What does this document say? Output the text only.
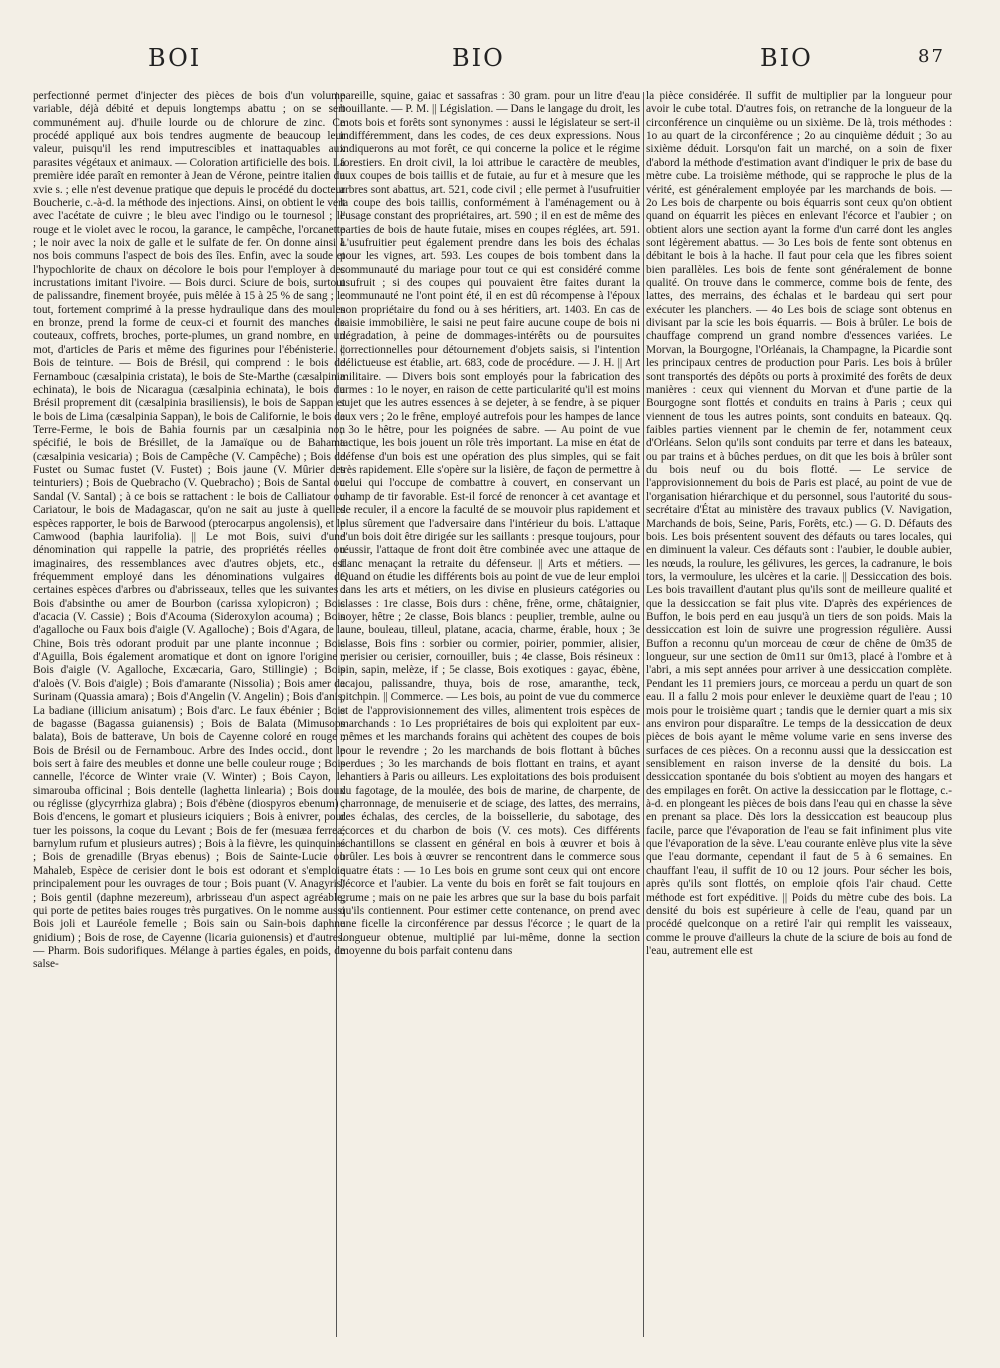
BOI	BIO	BIO	87

perfectionné permet d'injecter des pièces de bois d'un volume variable, déjà débité et depuis longtemps abattu ; on se sert communément auj. d'huile lourde ou de chlorure de zinc. Ce procédé appliqué aux bois tendres augmente de beaucoup leur valeur, puisqu'il les rend imputrescibles et inattaquables aux parasites végétaux et animaux. — Coloration artificielle des bois. La première idée paraît en remonter à Jean de Vérone, peintre italien du xvie s. ; elle n'est devenue pratique que depuis le procédé du docteur Boucherie, c.-à-d. la méthode des injections. Ainsi, on obtient le vert avec l'acétate de cuivre ; le bleu avec l'indigo ou le tournesol ; le rouge et le violet avec le rocou, la garance, le campêche, l'orcanette ; le noir avec la noix de galle et le sulfate de fer. On donne ainsi à nos bois communs l'aspect de bois des îles. Enfin, avec la soude et l'hypochlorite de chaux on décolore le bois pour l'employer à des incrustations imitant l'ivoire. — Bois durci. Sciure de bois, surtout de palissandre, finement broyée, puis mêlée à 15 à 25 % de sang ; le tout, fortement comprimé à la presse hydraulique dans des moules en bronze, prend la forme de ceux-ci et fournit des manches de couteaux, coffrets, broches, porte-plumes, un grand nombre, en un mot, d'articles de Paris et même des figurines pour l'ébénisterie. || Bois de teinture. — Bois de Brésil, qui comprend : le bois de Fernambouc (cæsalpinia cristata), le bois de Ste-Marthe (cæsalpinia echinata), le bois de Nicaragua (cæsalpinia echinata), le bois du Brésil proprement dit (cæsalpinia brasiliensis), le bois de Sappan et le bois de Lima (cæsalpinia Sappan), le bois de Californie, le bois de Terre-Ferme, le bois de Bahia fournis par un cæsalpinia non spécifié, le bois de Brésillet, de la Jamaïque ou de Bahama (cæsalpinia vesicaria) ; Bois de Campêche (V. Campêche) ; Bois de Fustet ou Sumac fustet (V. Fustet) ; Bois jaune (V. Mûrier des teinturiers) ; Bois de Quebracho (V. Quebracho) ; Bois de Santal ou Sandal (V. Santal) ; à ce bois se rattachent : le bois de Calliatour ou Cariatour, le bois de Madagascar, qu'on ne sait au juste à quelles espèces rapporter, le bois de Barwood (pterocarpus angolensis), et le Camwood (baphia laurifolia). || Le mot Bois, suivi d'une dénomination qui rappelle la patrie, des propriétés réelles ou imaginaires, des ressemblances avec d'autres objets, etc., est fréquemment employé dans les dénominations vulgaires de certaines espèces d'arbres ou d'abrisseaux, telles que les suivantes : Bois d'absinthe ou amer de Bourbon (carissa xylopicron) ; Bois d'acacia (V. Cassie) ; Bois d'Acouma (Sideroxylon acouma) ; Bois d'agalloche ou Faux bois d'aigle (V. Agalloche) ; Bois d'Agara, de la Chine, Bois très odorant produit par une plante inconnue ; Bois d'Aguilla, Bois également aromatique et dont on ignore l'origine ; Bois d'aigle (V. Agalloche, Excæcaria, Garo, Stillingie) ; Bois d'aloès (V. Bois d'aigle) ; Bois d'amarante (Nissolia) ; Bois amer de Surinam (Quassia amara) ; Bois d'Angelin (V. Angelin) ; Bois d'anis, La badiane (illicium anisatum) ; Bois d'arc. Le faux ébénier ; Bois de bagasse (Bagassa guianensis) ; Bois de Balata (Mimusops balata), Bois de batterave, Un bois de Cayenne coloré en rouge ; Bois de Brésil ou de Fernambouc. Arbre des Indes occid., dont le bois sert à faire des meubles et donne une belle couleur rouge ; Bois cannelle, l'écorce de Winter vraie (V. Winter) ; Bois Cayon, le simarouba officinal ; Bois dentelle (laghetta linlearia) ; Bois doux ou réglisse (glycyrrhiza glabra) ; Bois d'ébène (diospyros ebenum) ; Bois d'encens, le gomart et plusieurs iciquiers ; Bois à enivrer, pour tuer les poissons, la coque du Levant ; Bois de fer (mesuæa ferrea, barnylum rufum et plusieurs autres) ; Bois à la fièvre, les quinquinas ; Bois de grenadille (Bryas ebenus) ; Bois de Sainte-Lucie ou Mahaleb, Espèce de cerisier dont le bois est odorant et s'emploie principalement pour les ouvrages de tour ; Bois puant (V. Anagyris) ; Bois gentil (daphne mezereum), arbrisseau d'un aspect agréable, qui porte de petites baies rouges très purgatives. On le nomme aussi Bois joli et Lauréole femelle ; Bois sain ou Sain-bois daphne gnidium) ; Bois de rose, de Cayenne (licaria guionensis) et d'autres. — Pharm. Bois sudorifiques. Mélange à parties égales, en poids, de salse-

pareille, squine, gaiac et sassafras : 30 gram. pour un litre d'eau bouillante. — P. M. || Législation. — Dans le langage du droit, les mots bois et forêts sont synonymes : aussi le législateur se sert-il indifféremment, dans les codes, de ces deux expressions. Nous indiquerons au mot forêt, ce qui concerne la police et le régime forestiers. En droit civil, la loi attribue le caractère de meubles, aux coupes de bois taillis et de futaie, au fur et à mesure que les arbres sont abattus, art. 521, code civil ; elle permet à l'usufruitier la coupe des bois taillis, conformément à l'aménagement ou à l'usage constant des propriétaires, art. 590 ; il en est de même des parties de bois de haute futaie, mises en coupes réglées, art. 591. L'usufruitier peut également prendre dans les bois des échalas pour les vignes, art. 593. Les coupes de bois tombent dans la communauté du mariage pour tout ce qui est considéré comme usufruit ; si des coupes qui pouvaient être faites durant la communauté ne l'ont point été, il en est dû récompense à l'époux non propriétaire du fond ou à ses héritiers, art. 1403. En cas de saisie immobilière, le saisi ne peut faire aucune coupe de bois ni dégradation, à peine de dommages-intérêts ou de poursuites correctionnelles pour détournement d'objets saisis, si l'intention délictueuse est établie, art. 683, code de procédure. — J. H. || Art militaire. — Divers bois sont employés pour la fabrication des armes : 1o le noyer, en raison de cette particularité qu'il est moins sujet que les autres essences à se dejeter, à se fendre, à se piquer aux vers ; 2o le frêne, employé autrefois pour les hampes de lance ; 3o le hêtre, pour les poignées de sabre. — Au point de vue tactique, les bois jouent un rôle très important. La mise en état de défense d'un bois est une opération des plus simples, qui se fait très rapidement. Elle s'opère sur la lisière, de façon de permettre à celui qui l'occupe de combattre à couvert, en conservant un champ de tir favorable. Est-il forcé de renoncer à cet avantage et de reculer, il a encore la faculté de se mouvoir plus rapidement et plus sûrement que l'adversaire dans l'intérieur du bois. L'attaque d'un bois doit être dirigée sur les saillants : presque toujours, pour réussir, l'attaque de front doit être combinée avec une attaque de flanc menaçant la retraite du défenseur. || Arts et métiers. — Quand on étudie les différents bois au point de vue de leur emploi dans les arts et métiers, on les divise en plusieurs catégories ou classes : 1re classe, Bois durs : chêne, frêne, orme, châtaignier, noyer, hêtre ; 2e classe, Bois blancs : peuplier, tremble, aulne ou aune, bouleau, tilleul, platane, acacia, charme, érable, houx ; 3e classe, Bois fins : sorbier ou cormier, poirier, pommier, alisier, merisier ou cerisier, cornouiller, buis ; 4e classe, Bois résineux : pin, sapin, melèze, if ; 5e classe, Bois exotiques : gayac, ébène, acajou, palissandre, thuya, bois de rose, amaranthe, teck, pitchpin. || Commerce. — Les bois, au point de vue du commerce et de l'approvisionnement des villes, alimentent trois espèces de marchands : 1o Les propriétaires de bois qui exploitent par eux-mêmes et les marchands forains qui achètent des coupes de bois pour le revendre ; 2o les marchands de bois flottant à bûches perdues ; 3o les marchands de bois flottant en trains, et ayant chantiers à Paris ou ailleurs. Les exploitations des bois produisent du fagotage, de la moulée, des bois de marine, de charpente, de charronnage, de menuiserie et de sciage, des lattes, des merrains, des échalas, des cercles, de la boissellerie, du sabotage, des écorces et du charbon de bois (V. ces mots). Ces différents échantillons se classent en général en bois à œuvrer et bois à brûler. Les bois à œuvrer se rencontrent dans le commerce sous quatre états : — 1o Les bois en grume sont ceux qui ont encore l'écorce et l'aubier. La vente du bois en forêt se fait toujours en grume ; mais on ne paie les arbres que sur la base du bois parfait qu'ils contiennent. Pour estimer cette contenance, on prend avec une ficelle la circonférence par dessus l'écorce ; le quart de la longueur obtenue, multiplié par lui-même, donne la section moyenne du bois parfait contenu dans

la pièce considérée. Il suffit de multiplier par la longueur pour avoir le cube total. D'autres fois, on retranche de la longueur de la circonférence un cinquième ou un sixième. De là, trois méthodes : 1o au quart de la circonférence ; 2o au cinquième déduit ; 3o au sixième déduit. Lorsqu'on fait un marché, on a soin de fixer d'abord la méthode d'estimation avant d'indiquer le prix de base du mètre cube. La troisième méthode, qui se rapproche le plus de la vérité, est généralement employée par les marchands de bois. — 2o Les bois de charpente ou bois équarris sont ceux qu'on obtient quand on équarrit les pièces en enlevant l'écorce et l'aubier ; on obtient alors une section ayant la forme d'un carré dont les angles sont légèrement abattus. — 3o Les bois de fente sont obtenus en débitant le bois à la hache. Il faut pour cela que les fibres soient bien parallèles. Les bois de fente sont généralement de bonne qualité. On trouve dans le commerce, comme bois de fente, des lattes, des merrains, des échalas et le bardeau qui sert pour exécuter les planchers. — 4o Les bois de sciage sont obtenus en divisant par la scie les bois équarris. — Bois à brûler. Le bois de chauffage comprend un grand nombre d'essences variées. Le Morvan, la Bourgogne, l'Orléanais, la Champagne, la Picardie sont les principaux centres de production pour Paris. Les bois à brûler sont transportés des dépôts ou ports à proximité des forêts de deux manières : ceux qui viennent du Morvan et d'une partie de la Bourgogne sont flottés et conduits en trains à Paris ; ceux qui viennent de tous les autres points, sont conduits en bateaux. Qq. faibles parties viennent par le chemin de fer, notamment ceux d'Orléans. Selon qu'ils sont conduits par terre et dans les bateaux, ou par trains et à bûches perdues, on dit que les bois à brûler sont du bois neuf ou du bois flotté. — Le service de l'approvisionnement du bois de Paris est placé, au point de vue de l'organisation hiérarchique et du personnel, sous l'autorité du sous-secrétaire d'État au ministère des travaux publics (V. Navigation, Marchands de bois, Seine, Paris, Forêts, etc.) — G. D. Défauts des bois. Les bois présentent souvent des défauts ou tares locales, qui en diminuent la valeur. Ces défauts sont : l'aubier, le double aubier, les nœuds, la roulure, les gélivures, les gerces, la cadranure, le bois tors, la vermoulure, les ulcères et la carie. || Dessiccation des bois. Les bois travaillent d'autant plus qu'ils sont de meilleure qualité et que la dessiccation se fait plus vite. D'après des expériences de Buffon, le bois perd en eau jusqu'à un tiers de son poids. Mais la dessiccation est loin de suivre une progression régulière. Aussi Buffon a reconnu qu'un morceau de cœur de chêne de 0m35 de longueur, sur une section de 0m11 sur 0m13, placé à l'ombre et à l'abri, a mis sept années pour arriver à une dessiccation complète. Pendant les 11 premiers jours, ce morceau a perdu un quart de son eau. Il a fallu 2 mois pour enlever le deuxième quart de l'eau ; 10 mois pour le troisième quart ; tandis que le dernier quart a mis six ans environ pour disparaître. Le temps de la dessiccation de deux pièces de bois ayant le même volume varie en sens inverse des surfaces de ces pièces. On a reconnu aussi que la dessiccation est sensiblement en raison inverse de la densité du bois. La dessiccation spontanée du bois s'obtient au moyen des hangars et des empilages en forêt. On active la dessiccation par le flottage, c.-à-d. en plongeant les pièces de bois dans l'eau qui en chasse la sève en prenant sa place. Dès lors la dessiccation est beaucoup plus facile, parce que l'évaporation de l'eau se fait infiniment plus vite que l'évaporation de la sève. L'eau courante enlève plus vite la sève que l'eau dormante, cependant il faut de 5 à 6 semaines. En chauffant l'eau, il suffit de 10 ou 12 jours. Pour sécher les bois, après qu'ils sont flottés, on emploie qfois l'air chaud. Cette méthode est fort expéditive. || Poids du mètre cube des bois. La densité du bois est supérieure à celle de l'eau, quand par un procédé quelconque on a retiré l'air qui remplit les vaisseaux, comme le prouve d'ailleurs la chute de la sciure de bois au fond de l'eau, autrement elle est
